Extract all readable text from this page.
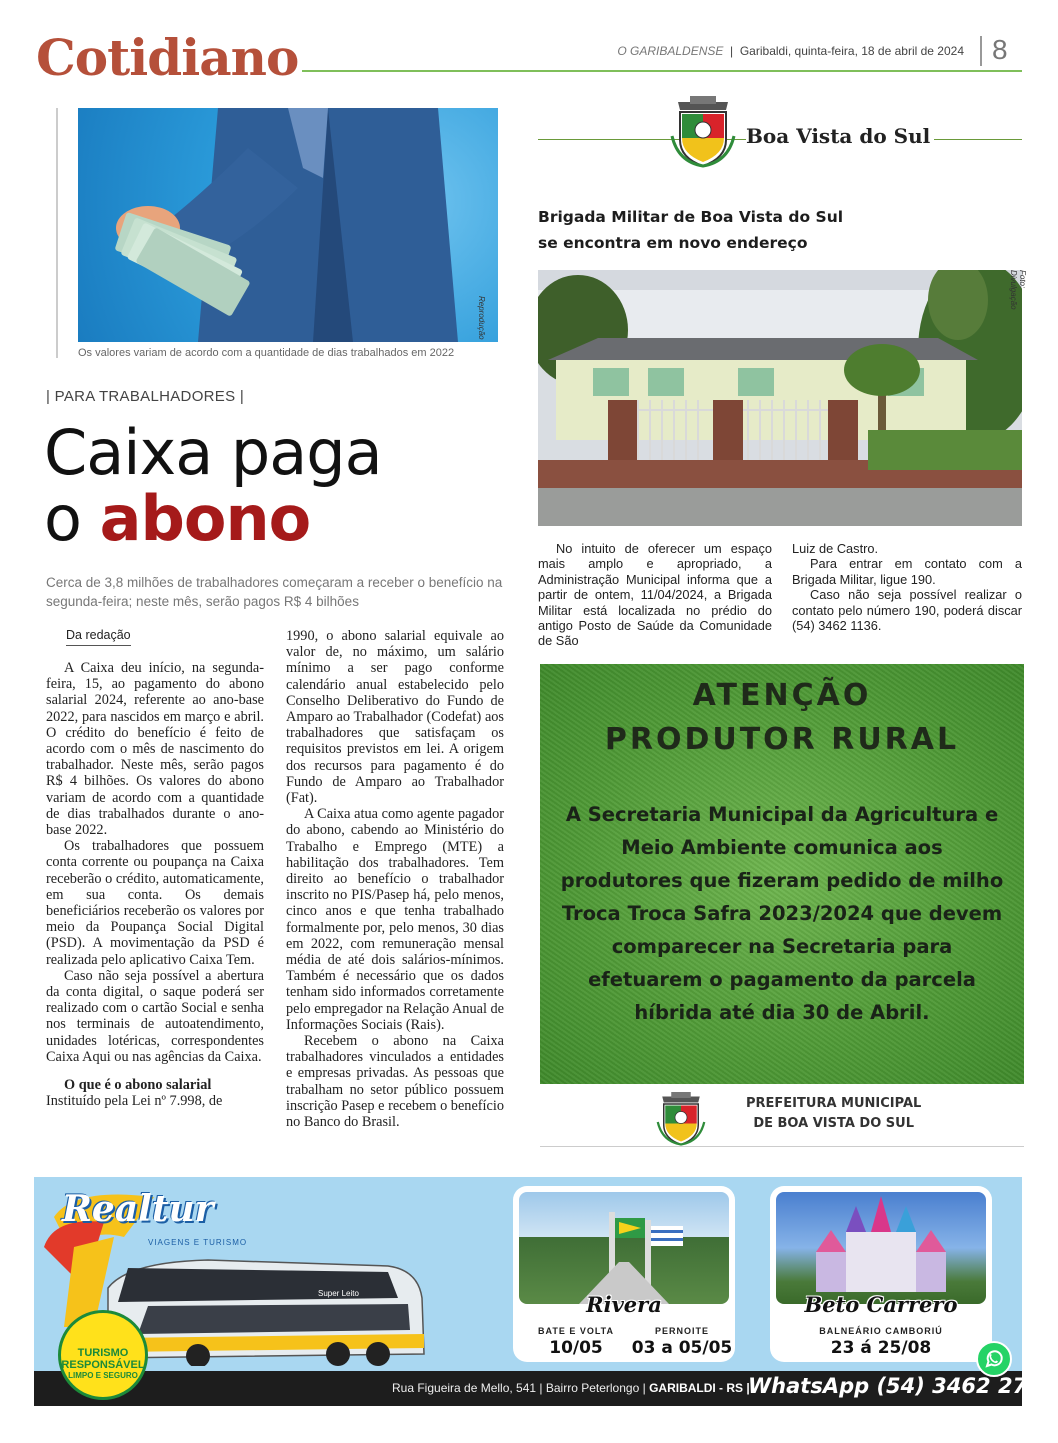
Cotidiano	O GARIBALDENSE  |  Garibaldi, quinta-feira, 18 de abril de 2024 8
Reprodução
Os valores variam de acordo com a quantidade de dias trabalhados em 2022
| PARA TRABALHADORES |
Caixa paga
o abono
Cerca de 3,8 milhões de trabalhadores começaram a receber o benefício na segunda-feira; neste mês, serão pagos R$ 4 bilhões
Da redação

A Caixa deu início, na segunda-feira, 15, ao pagamento do abono salarial 2024, referente ao ano-base 2022, para nascidos em março e abril. O crédito do benefício é feito de acordo com o mês de nascimento do trabalhador. Neste mês, serão pagos R$ 4 bilhões. Os valores do abono variam de acordo com a quantidade de dias trabalhados durante o ano-base 2022.

Os trabalhadores que possuem conta corrente ou poupança na Caixa receberão o crédito, automaticamente, em sua conta. Os demais beneficiários receberão os valores por meio da Poupança Social Digital (PSD). A movimentação da PSD é realizada pelo aplicativo Caixa Tem.

Caso não seja possível a abertura da conta digital, o saque poderá ser realizado com o cartão Social e senha nos terminais de autoatendimento, unidades lotéricas, correspondentes Caixa Aqui ou nas agências da Caixa.

O que é o abono salarial

Instituído pela Lei nº 7.998, de

1990, o abono salarial equivale ao valor de, no máximo, um salário mínimo a ser pago conforme calendário anual estabelecido pelo Conselho Deliberativo do Fundo de Amparo ao Trabalhador (Codefat) aos trabalhadores que satisfaçam os requisitos previstos em lei. A origem dos recursos para pagamento é do Fundo de Amparo ao Trabalhador (Fat).

A Caixa atua como agente pagador do abono, cabendo ao Ministério do Trabalho e Emprego (MTE) a habilitação dos trabalhadores. Tem direito ao benefício o trabalhador inscrito no PIS/Pasep há, pelo menos, cinco anos e que tenha trabalhado formalmente por, pelo menos, 30 dias em 2022, com remuneração mensal média de até dois salários-mínimos. Também é necessário que os dados tenham sido informados corretamente pelo empregador na Relação Anual de Informações Sociais (Rais).

Recebem o abono na Caixa trabalhadores vinculados a entidades e empresas privadas. As pessoas que trabalham no setor público possuem inscrição Pasep e recebem o benefício no Banco do Brasil.

Boa Vista do Sul
Brigada Militar de Boa Vista do Sul
se encontra em novo endereço
Foto: Divulgação

No intuito de oferecer um espaço mais amplo e apropriado, a Administração Municipal informa que a partir de ontem, 11/04/2024, a Brigada Militar está localizada no prédio do antigo Posto de Saúde da Comunidade de São

Luiz de Castro.

Para entrar em contato com a Brigada Militar, ligue 190.

Caso não seja possível realizar o contato pelo número 190, poderá discar (54) 3462 1136.

ATENÇÃO
PRODUTOR RURAL
A Secretaria Municipal da Agricultura e
Meio Ambiente comunica aos
produtores que fizeram pedido de milho
Troca Troca Safra 2023/2024 que devem
comparecer na Secretaria para
efetuarem o pagamento da parcela
híbrida até dia 30 de Abril.
PREFEITURA MUNICIPAL
DE BOA VISTA DO SUL
Realtur
VIAGENS E TURISMO
Super Leito
TURISMO
RESPONSÁVEL
LIMPO E SEGURO
Rivera
BATE E VOLTA	PERNOITE
10/05	03 a 05/05
Beto Carrero
BALNEÁRIO CAMBORIÚ
23 á 25/08
Rua Figueira de Mello, 541 | Bairro Peterlongo | GARIBALDI - RS |
WhatsApp (54) 3462 2767
